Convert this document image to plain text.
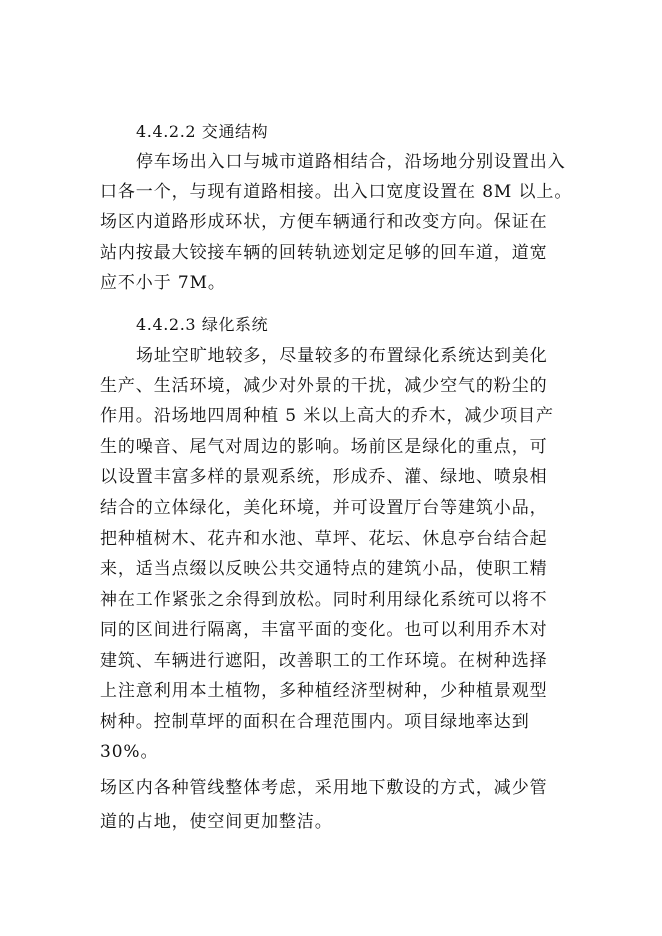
4.4.2.2 交通结构
停车场出入口与城市道路相结合，沿场地分别设置出入
口各一个，与现有道路相接。出入口宽度设置在 8M 以上。
场区内道路形成环状，方便车辆通行和改变方向。保证在
站内按最大铰接车辆的回转轨迹划定足够的回车道，道宽
应不小于 7M。
4.4.2.3 绿化系统
场址空旷地较多，尽量较多的布置绿化系统达到美化
生产、生活环境，减少对外景的干扰，减少空气的粉尘的
作用。沿场地四周种植 5 米以上高大的乔木，减少项目产
生的噪音、尾气对周边的影响。场前区是绿化的重点，可
以设置丰富多样的景观系统，形成乔、灌、绿地、喷泉相
结合的立体绿化，美化环境，并可设置厅台等建筑小品，
把种植树木、花卉和水池、草坪、花坛、休息亭台结合起
来，适当点缀以反映公共交通特点的建筑小品，使职工精
神在工作紧张之余得到放松。同时利用绿化系统可以将不
同的区间进行隔离，丰富平面的变化。也可以利用乔木对
建筑、车辆进行遮阳，改善职工的工作环境。在树种选择
上注意利用本土植物，多种植经济型树种，少种植景观型
树种。控制草坪的面积在合理范围内。项目绿地率达到
30%。
场区内各种管线整体考虑，采用地下敷设的方式，减少管
道的占地，使空间更加整洁。
